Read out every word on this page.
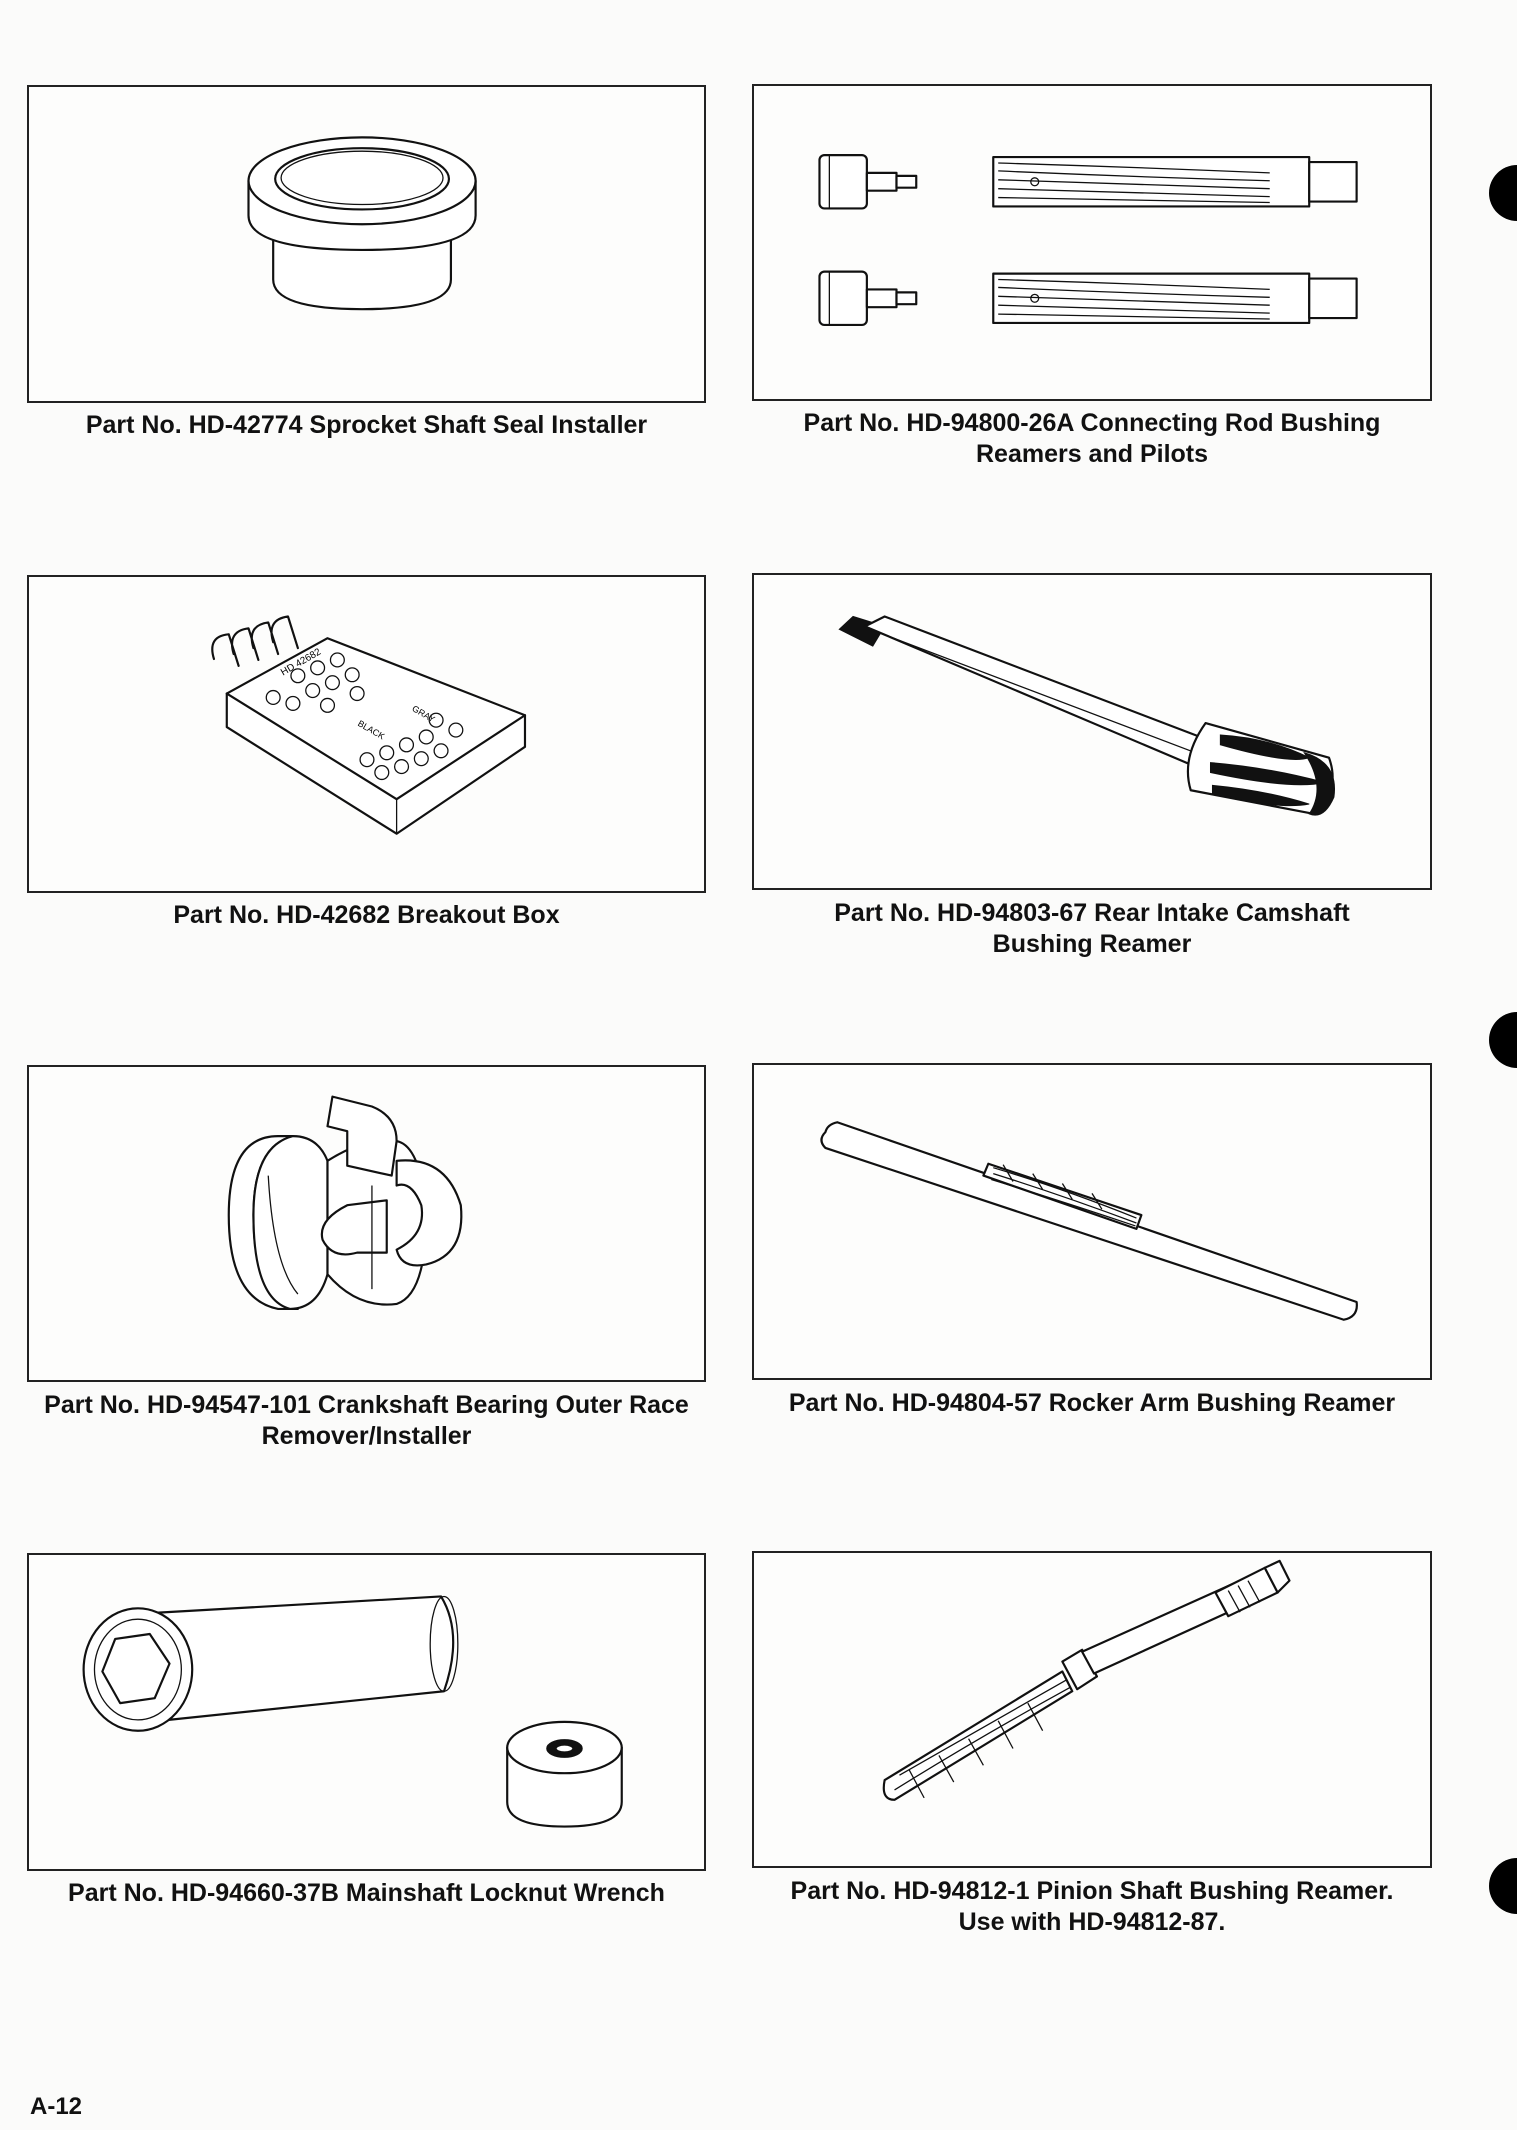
Part No. HD-42774 Sprocket Shaft Seal Installer	Part No. HD-94800-26A Connecting Rod Bushing
Reamers and Pilots
HD 42682
BLACK
GRAY
Part No. HD-42682 Breakout Box	Part No. HD-94803-67 Rear Intake Camshaft
Bushing Reamer
Part No. HD-94547-101 Crankshaft Bearing Outer Race
Remover/Installer
Part No. HD-94804-57 Rocker Arm Bushing Reamer
Part No. HD-94660-37B Mainshaft Locknut Wrench	Part No. HD-94812-1 Pinion Shaft Bushing Reamer.
Use with HD-94812-87.
A-12
